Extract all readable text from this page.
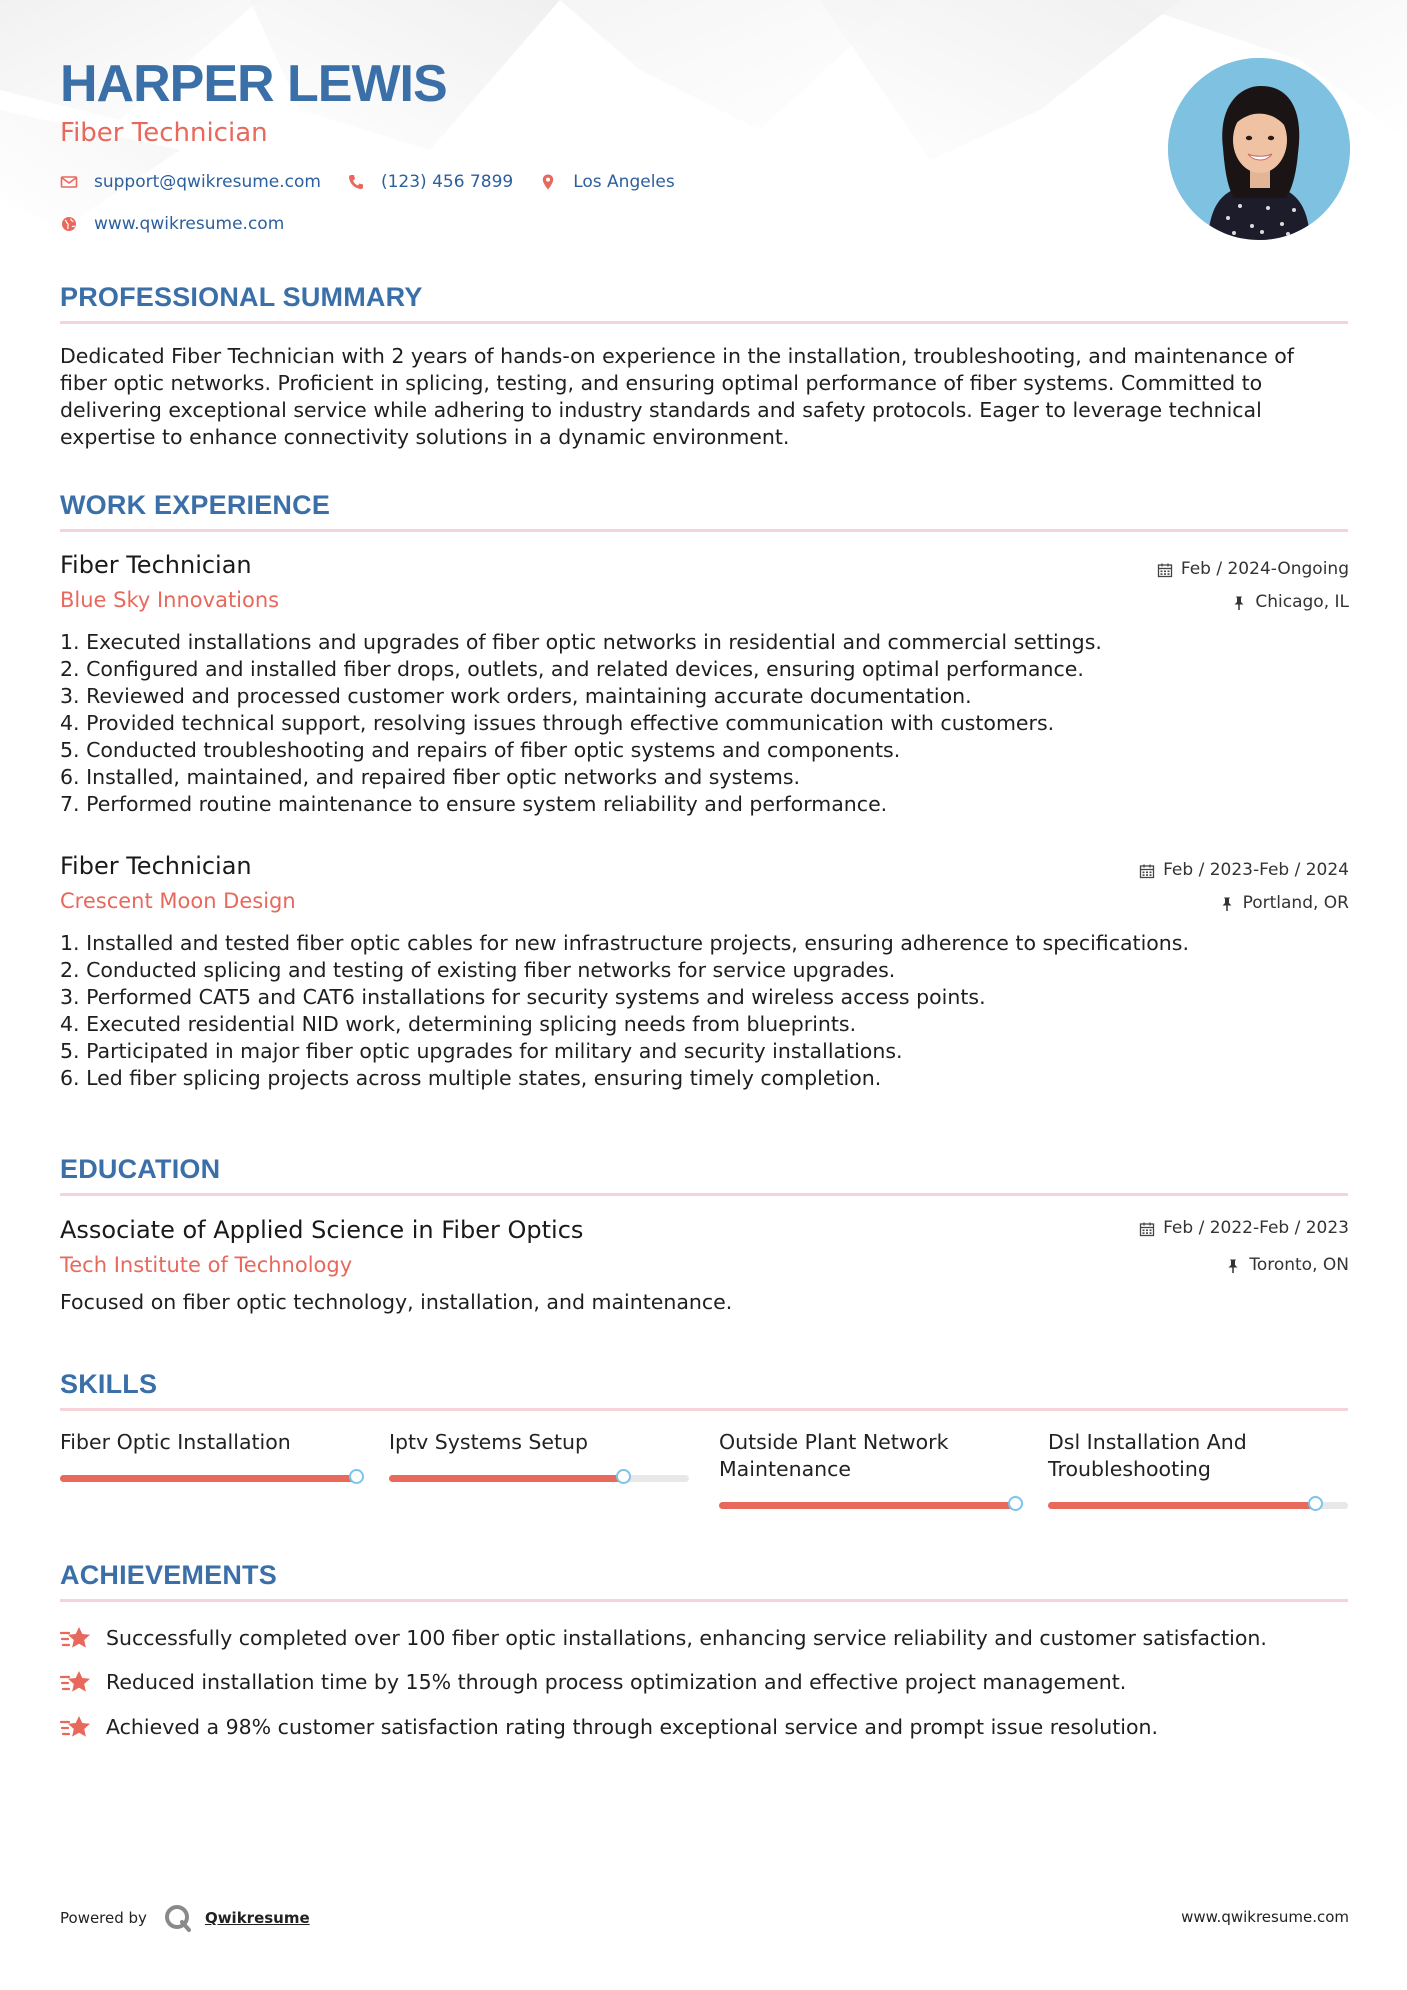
HARPER LEWIS
Fiber Technician
support@qwikresume.com	(123) 456 7899	Los Angeles
www.qwikresume.com
PROFESSIONAL SUMMARY
Dedicated Fiber Technician with 2 years of hands-on experience in the installation, troubleshooting, and maintenance of
fiber optic networks. Proficient in splicing, testing, and ensuring optimal performance of fiber systems. Committed to
delivering exceptional service while adhering to industry standards and safety protocols. Eager to leverage technical
expertise to enhance connectivity solutions in a dynamic environment.
WORK EXPERIENCE
Fiber Technician	Feb / 2024-Ongoing
Blue Sky Innovations	Chicago, IL
1. Executed installations and upgrades of fiber optic networks in residential and commercial settings.
2. Configured and installed fiber drops, outlets, and related devices, ensuring optimal performance.
3. Reviewed and processed customer work orders, maintaining accurate documentation.
4. Provided technical support, resolving issues through effective communication with customers.
5. Conducted troubleshooting and repairs of fiber optic systems and components.
6. Installed, maintained, and repaired fiber optic networks and systems.
7. Performed routine maintenance to ensure system reliability and performance.
Fiber Technician	Feb / 2023-Feb / 2024
Crescent Moon Design	Portland, OR
1. Installed and tested fiber optic cables for new infrastructure projects, ensuring adherence to specifications.
2. Conducted splicing and testing of existing fiber networks for service upgrades.
3. Performed CAT5 and CAT6 installations for security systems and wireless access points.
4. Executed residential NID work, determining splicing needs from blueprints.
5. Participated in major fiber optic upgrades for military and security installations.
6. Led fiber splicing projects across multiple states, ensuring timely completion.
EDUCATION
Associate of Applied Science in Fiber Optics	Feb / 2022-Feb / 2023
Tech Institute of Technology	Toronto, ON
Focused on fiber optic technology, installation, and maintenance.
SKILLS
Fiber Optic Installation	Iptv Systems Setup	Outside Plant Network
Maintenance
Dsl Installation And
Troubleshooting
ACHIEVEMENTS
Successfully completed over 100 fiber optic installations, enhancing service reliability and customer satisfaction.
Reduced installation time by 15% through process optimization and effective project management.
Achieved a 98% customer satisfaction rating through exceptional service and prompt issue resolution.
Powered by	Qwikresume	www.qwikresume.com
